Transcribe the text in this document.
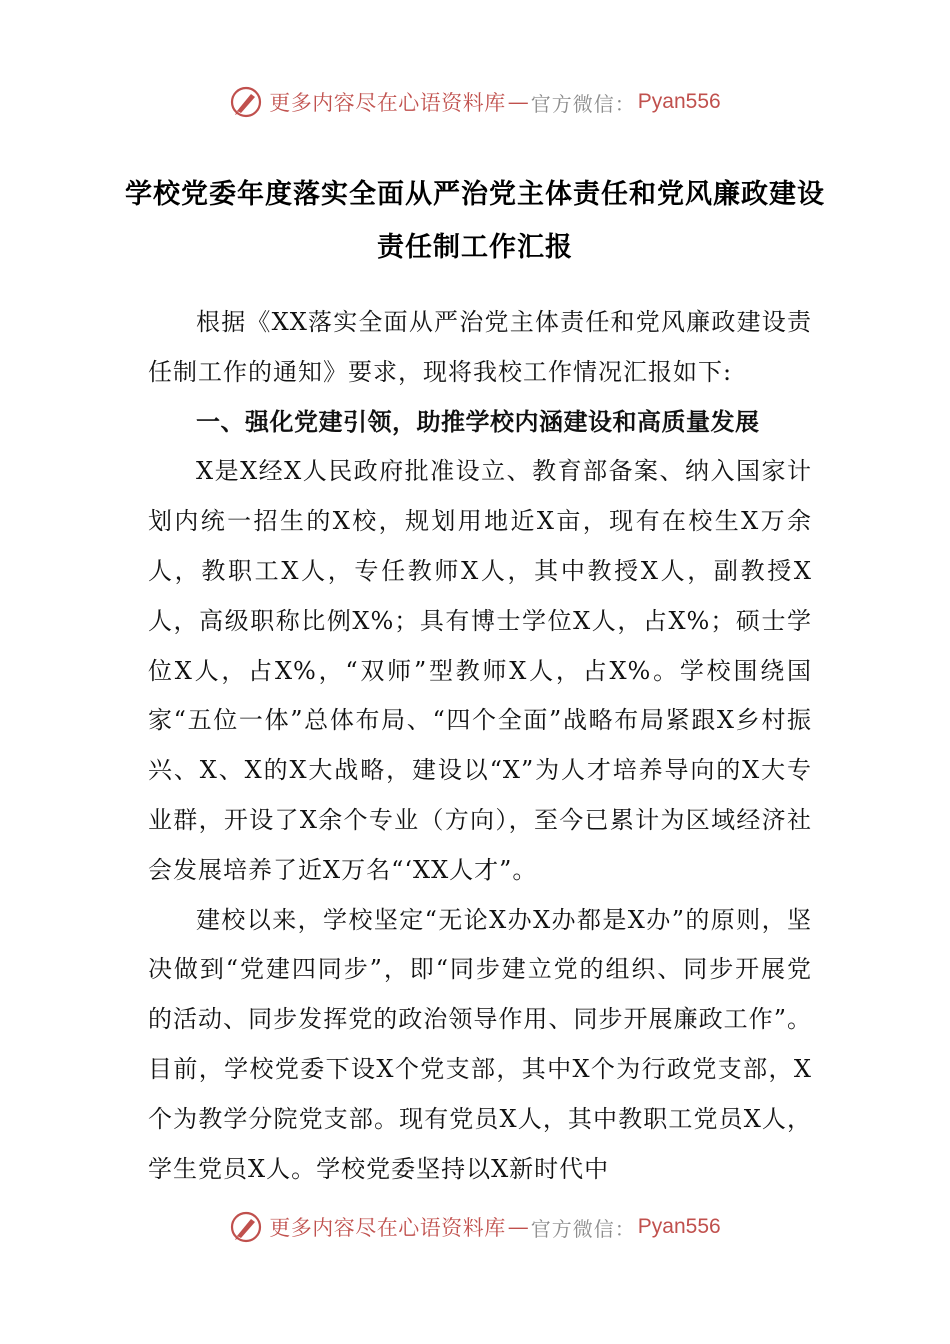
更多内容尽在心语资料库 — 官方微信： Pyan556
学校党委年度落实全面从严治党主体责任和党风廉政建设
责任制工作汇报

根据《XX落实全面从严治党主体责任和党风廉政建设责任制工作的通知》要求，现将我校工作情况汇报如下:

一、强化党建引领，助推学校内涵建设和高质量发展

X是X经X人民政府批准设立、教育部备案、纳入国家计划内统一招生的X校，规划用地近X亩，现有在校生X万余人，教职工X人，专任教师X人，其中教授X人，副教授X人，高级职称比例X%；具有博士学位X人，占X%；硕士学位X人，占X%，“双师”型教师X人，占X%。学校围绕国家“五位一体”总体布局、“四个全面”战略布局紧跟X乡村振兴、X、X的X大战略，建设以“X”为人才培养导向的X大专业群，开设了X余个专业（方向），至今已累计为区域经济社会发展培养了近X万名“‘XX人才”。

建校以来，学校坚定“无论X办X办都是X办”的原则，坚决做到“党建四同步”，即“同步建立党的组织、同步开展党的活动、同步发挥党的政治领导作用、同步开展廉政工作”。目前，学校党委下设X个党支部，其中X个为行政党支部，X个为教学分院党支部。现有党员X人，其中教职工党员X人，学生党员X人。学校党委坚持以X新时代中

更多内容尽在心语资料库 — 官方微信： Pyan556
